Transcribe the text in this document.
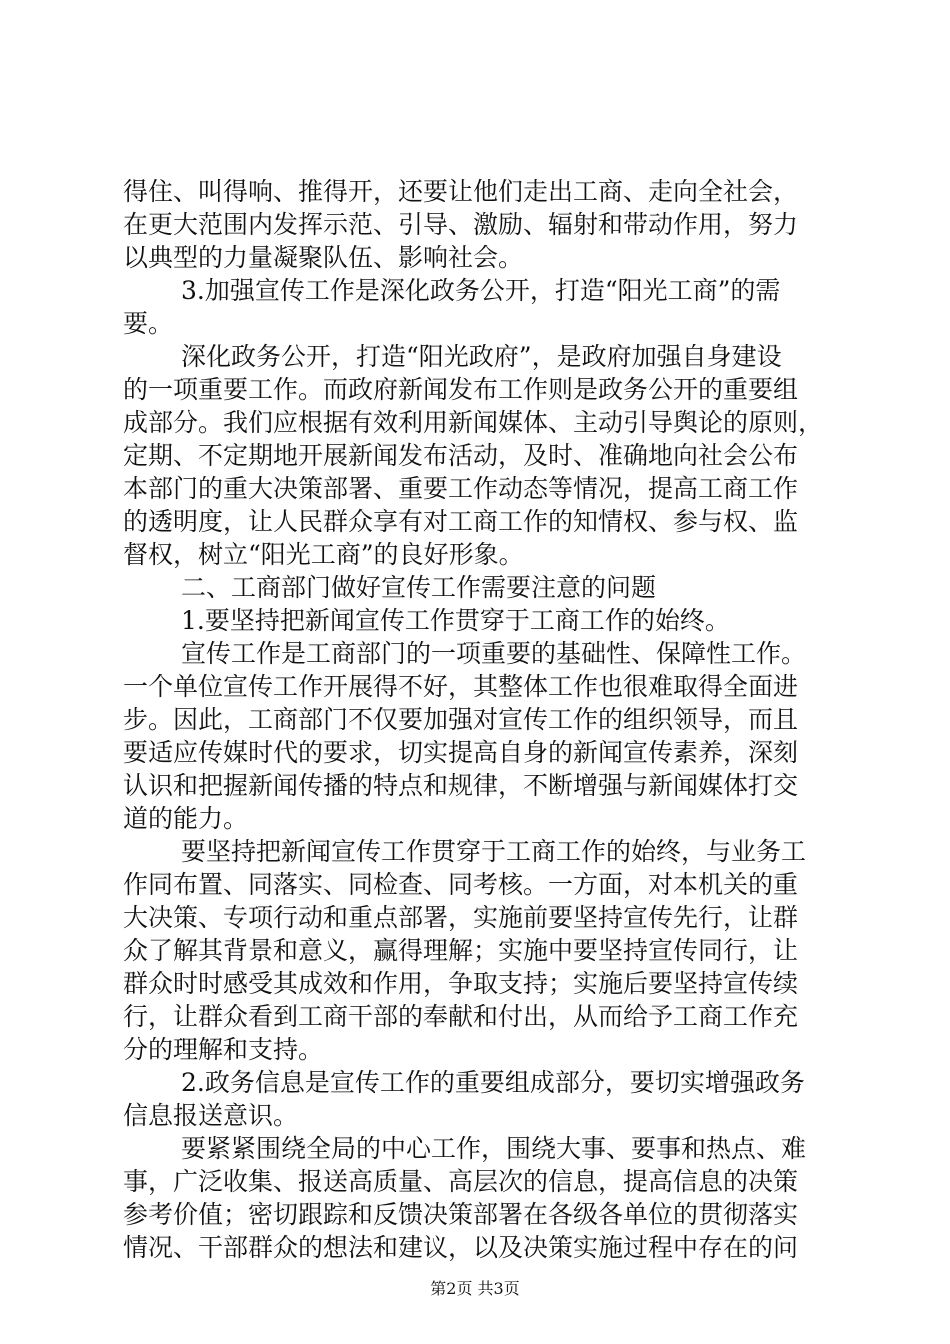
得住、叫得响、推得开，还要让他们走出工商、走向全社会，
在更大范围内发挥示范、引导、激励、辐射和带动作用，努力
以典型的力量凝聚队伍、影响社会。
3.加强宣传工作是深化政务公开，打造“阳光工商”的需
要。
深化政务公开，打造“阳光政府”，是政府加强自身建设
的一项重要工作。而政府新闻发布工作则是政务公开的重要组
成部分。我们应根据有效利用新闻媒体、主动引导舆论的原则，
定期、不定期地开展新闻发布活动，及时、准确地向社会公布
本部门的重大决策部署、重要工作动态等情况，提高工商工作
的透明度，让人民群众享有对工商工作的知情权、参与权、监
督权，树立“阳光工商”的良好形象。
二、工商部门做好宣传工作需要注意的问题
1.要坚持把新闻宣传工作贯穿于工商工作的始终。
宣传工作是工商部门的一项重要的基础性、保障性工作。
一个单位宣传工作开展得不好，其整体工作也很难取得全面进
步。因此，工商部门不仅要加强对宣传工作的组织领导，而且
要适应传媒时代的要求，切实提高自身的新闻宣传素养，深刻
认识和把握新闻传播的特点和规律，不断增强与新闻媒体打交
道的能力。
要坚持把新闻宣传工作贯穿于工商工作的始终，与业务工
作同布置、同落实、同检查、同考核。一方面，对本机关的重
大决策、专项行动和重点部署，实施前要坚持宣传先行，让群
众了解其背景和意义，赢得理解；实施中要坚持宣传同行，让
群众时时感受其成效和作用，争取支持；实施后要坚持宣传续
行，让群众看到工商干部的奉献和付出，从而给予工商工作充
分的理解和支持。
2.政务信息是宣传工作的重要组成部分，要切实增强政务
信息报送意识。
要紧紧围绕全局的中心工作，围绕大事、要事和热点、难
事，广泛收集、报送高质量、高层次的信息，提高信息的决策
参考价值；密切跟踪和反馈决策部署在各级各单位的贯彻落实
情况、干部群众的想法和建议，以及决策实施过程中存在的问
第2页 共3页
